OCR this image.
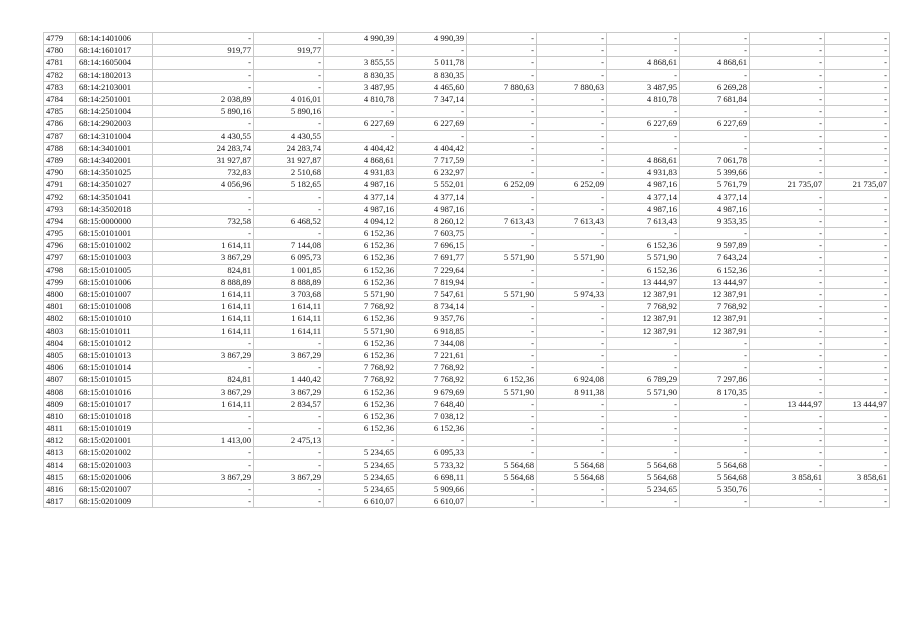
4779	68:14:1401006	-	-	4 990,39	4 990,39	-	-	-	-	-	-
4780	68:14:1601017	919,77	919,77	-	-	-	-	-	-	-	-
4781	68:14:1605004	-	-	3 855,55	5 011,78	-	-	4 868,61	4 868,61	-	-
4782	68:14:1802013	-	-	8 830,35	8 830,35	-	-	-	-	-	-
4783	68:14:2103001	-	-	3 487,95	4 465,60	7 880,63	7 880,63	3 487,95	6 269,28	-	-
4784	68:14:2501001	2 038,89	4 016,01	4 810,78	7 347,14	-	-	4 810,78	7 681,84	-	-
4785	68:14:2501004	5 890,16	5 890,16	-	-	-	-	-	-	-	-
4786	68:14:2902003	-	-	6 227,69	6 227,69	-	-	6 227,69	6 227,69	-	-
4787	68:14:3101004	4 430,55	4 430,55	-	-	-	-	-	-	-	-
4788	68:14:3401001	24 283,74	24 283,74	4 404,42	4 404,42	-	-	-	-	-	-
4789	68:14:3402001	31 927,87	31 927,87	4 868,61	7 717,59	-	-	4 868,61	7 061,78	-	-
4790	68:14:3501025	732,83	2 510,68	4 931,83	6 232,97	-	-	4 931,83	5 399,66	-	-
4791	68:14:3501027	4 056,96	5 182,65	4 987,16	5 552,01	6 252,09	6 252,09	4 987,16	5 761,79	21 735,07	21 735,07
4792	68:14:3501041	-	-	4 377,14	4 377,14	-	-	4 377,14	4 377,14	-	-
4793	68:14:3502018	-	-	4 987,16	4 987,16	-	-	4 987,16	4 987,16	-	-
4794	68:15:0000000	732,58	6 468,52	4 094,12	8 260,12	7 613,43	7 613,43	7 613,43	9 353,35	-	-
4795	68:15:0101001	-	-	6 152,36	7 603,75	-	-	-	-	-	-
4796	68:15:0101002	1 614,11	7 144,08	6 152,36	7 696,15	-	-	6 152,36	9 597,89	-	-
4797	68:15:0101003	3 867,29	6 095,73	6 152,36	7 691,77	5 571,90	5 571,90	5 571,90	7 643,24	-	-
4798	68:15:0101005	824,81	1 001,85	6 152,36	7 229,64	-	-	6 152,36	6 152,36	-	-
4799	68:15:0101006	8 888,89	8 888,89	6 152,36	7 819,94	-	-	13 444,97	13 444,97	-	-
4800	68:15:0101007	1 614,11	3 703,68	5 571,90	7 547,61	5 571,90	5 974,33	12 387,91	12 387,91	-	-
4801	68:15:0101008	1 614,11	1 614,11	7 768,92	8 734,14	-	-	7 768,92	7 768,92	-	-
4802	68:15:0101010	1 614,11	1 614,11	6 152,36	9 357,76	-	-	12 387,91	12 387,91	-	-
4803	68:15:0101011	1 614,11	1 614,11	5 571,90	6 918,85	-	-	12 387,91	12 387,91	-	-
4804	68:15:0101012	-	-	6 152,36	7 344,08	-	-	-	-	-	-
4805	68:15:0101013	3 867,29	3 867,29	6 152,36	7 221,61	-	-	-	-	-	-
4806	68:15:0101014	-	-	7 768,92	7 768,92	-	-	-	-	-	-
4807	68:15:0101015	824,81	1 440,42	7 768,92	7 768,92	6 152,36	6 924,08	6 789,29	7 297,86	-	-
4808	68:15:0101016	3 867,29	3 867,29	6 152,36	9 679,69	5 571,90	8 911,38	5 571,90	8 170,35	-	-
4809	68:15:0101017	1 614,11	2 834,57	6 152,36	7 648,40	-	-	-	-	13 444,97	13 444,97
4810	68:15:0101018	-	-	6 152,36	7 038,12	-	-	-	-	-	-
4811	68:15:0101019	-	-	6 152,36	6 152,36	-	-	-	-	-	-
4812	68:15:0201001	1 413,00	2 475,13	-	-	-	-	-	-	-	-
4813	68:15:0201002	-	-	5 234,65	6 095,33	-	-	-	-	-	-
4814	68:15:0201003	-	-	5 234,65	5 733,32	5 564,68	5 564,68	5 564,68	5 564,68	-	-
4815	68:15:0201006	3 867,29	3 867,29	5 234,65	6 698,11	5 564,68	5 564,68	5 564,68	5 564,68	3 858,61	3 858,61
4816	68:15:0201007	-	-	5 234,65	5 909,66	-	-	5 234,65	5 350,76	-	-
4817	68:15:0201009	-	-	6 610,07	6 610,07	-	-	-	-	-	-
